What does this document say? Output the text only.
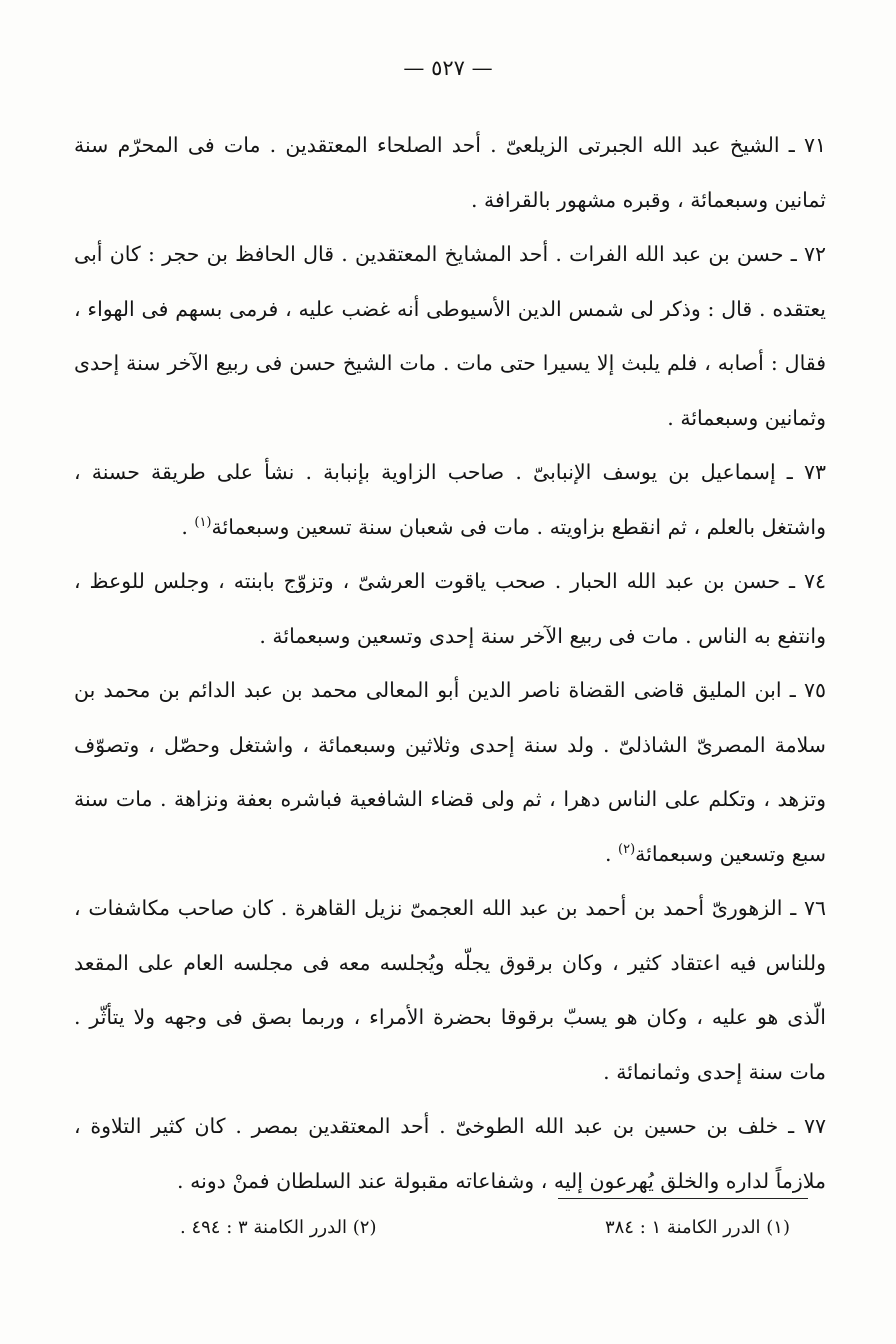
— ٥٢٧ —

٧١ ـ الشيخ عبد الله الجبرتى الزيلعىّ . أحد الصلحاء المعتقدين . مات فى المحرّم سنة ثمانين وسبعمائة ، وقبره مشهور بالقرافة .

٧٢ ـ حسن بن عبد الله الفرات . أحد المشايخ المعتقدين . قال الحافظ بن حجر : كان أبى يعتقده . قال : وذكر لى شمس الدين الأسيوطى أنه غضب عليه ، فرمى بسهم فى الهواء ، فقال : أصابه ، فلم يلبث إلا يسيرا حتى مات . مات الشيخ حسن فى ربيع الآخر سنة إحدى وثمانين وسبعمائة .

٧٣ ـ إسماعيل بن يوسف الإنبابىّ . صاحب الزاوية بإنبابة . نشأ على طريقة حسنة ، واشتغل بالعلم ، ثم انقطع بزاويته . مات فى شعبان سنة تسعين وسبعمائة$^{(١)}$ .

٧٤ ـ حسن بن عبد الله الحبار . صحب ياقوت العرشىّ ، وتزوّج بابنته ، وجلس للوعظ ، وانتفع به الناس . مات فى ربيع الآخر سنة إحدى وتسعين وسبعمائة .

٧٥ ـ ابن المليق قاضى القضاة ناصر الدين أبو المعالى محمد بن عبد الدائم بن محمد بن سلامة المصرىّ الشاذلىّ . ولد سنة إحدى وثلاثين وسبعمائة ، واشتغل وحصّل ، وتصوّف وتزهد ، وتكلم على الناس دهرا ، ثم ولى قضاء الشافعية فباشره بعفة ونزاهة . مات سنة سبع وتسعين وسبعمائة$^{(٢)}$ .

٧٦ ـ الزهورىّ أحمد بن أحمد بن عبد الله العجمىّ نزيل القاهرة . كان صاحب مكاشفات ، وللناس فيه اعتقاد كثير ، وكان برقوق يجلّه ويُجلسه معه فى مجلسه العام على المقعد الّذى هو عليه ، وكان هو يسبّ برقوقا بحضرة الأمراء ، وربما بصق فى وجهه ولا يتأثّر . مات سنة إحدى وثمانمائة .

٧٧ ـ خلف بن حسين بن عبد الله الطوخىّ . أحد المعتقدين بمصر . كان كثير التلاوة ، ملازماً لداره والخلق يُهرعون إليه ، وشفاعاته مقبولة عند السلطان فمنْ دونه .

(١) الدرر الكامنة ١ : ٣٨٤
(٢) الدرر الكامنة ٣ : ٤٩٤ .
